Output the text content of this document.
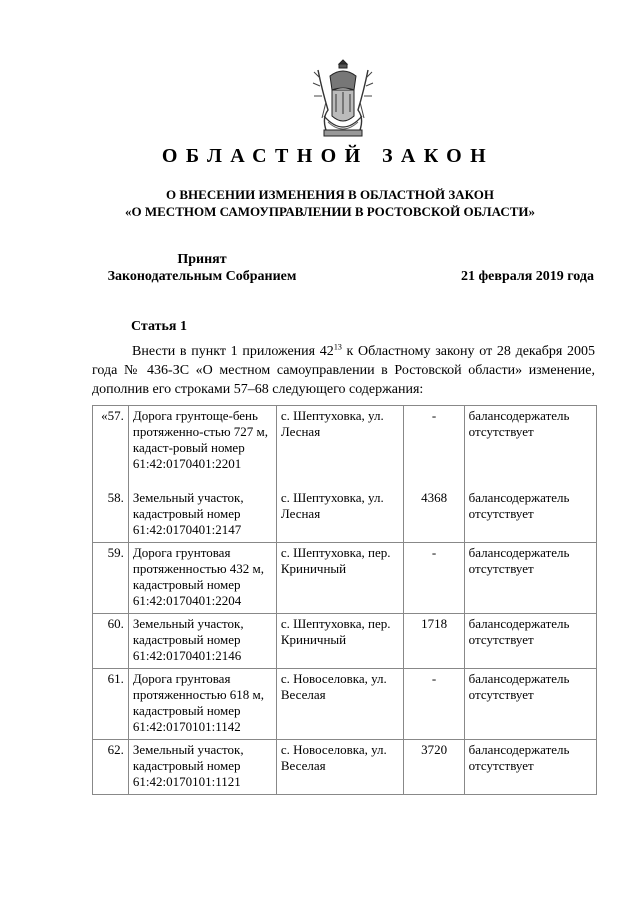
ОБЛАСТНОЙ ЗАКОН
О ВНЕСЕНИИ ИЗМЕНЕНИЯ В ОБЛАСТНОЙ ЗАКОН
«О МЕСТНОМ САМОУПРАВЛЕНИИ В РОСТОВСКОЙ ОБЛАСТИ»
Принят
Законодательным Собранием	21 февраля 2019 года
Статья 1
Внести в пункт 1 приложения $42^{13}$ к Областному закону от 28 декабря 2005 года № 436-ЗС «О местном самоуправлении в Ростовской области» изменение, дополнив его строками 57–68 следующего содержания:
«57.	Дорога грунтоще-бень протяженно-стью 727 м, кадаст-ровый номер 61:42:0170401:2201	с. Шептуховка, ул. Лесная	-	балансодержатель отсутствует
58.	Земельный участок, кадастровый номер 61:42:0170401:2147	с. Шептуховка, ул. Лесная	4368	балансодержатель отсутствует
59.	Дорога грунтовая протяженностью 432 м, кадастровый номер 61:42:0170401:2204	с. Шептуховка, пер. Криничный	-	балансодержатель отсутствует
60.	Земельный участок, кадастровый номер 61:42:0170401:2146	с. Шептуховка, пер. Криничный	1718	балансодержатель отсутствует
61.	Дорога грунтовая протяженностью 618 м, кадастровый номер 61:42:0170101:1142	с. Новоселовка, ул. Веселая	-	балансодержатель отсутствует
62.	Земельный участок, кадастровый номер 61:42:0170101:1121	с. Новоселовка, ул. Веселая	3720	балансодержатель отсутствует
